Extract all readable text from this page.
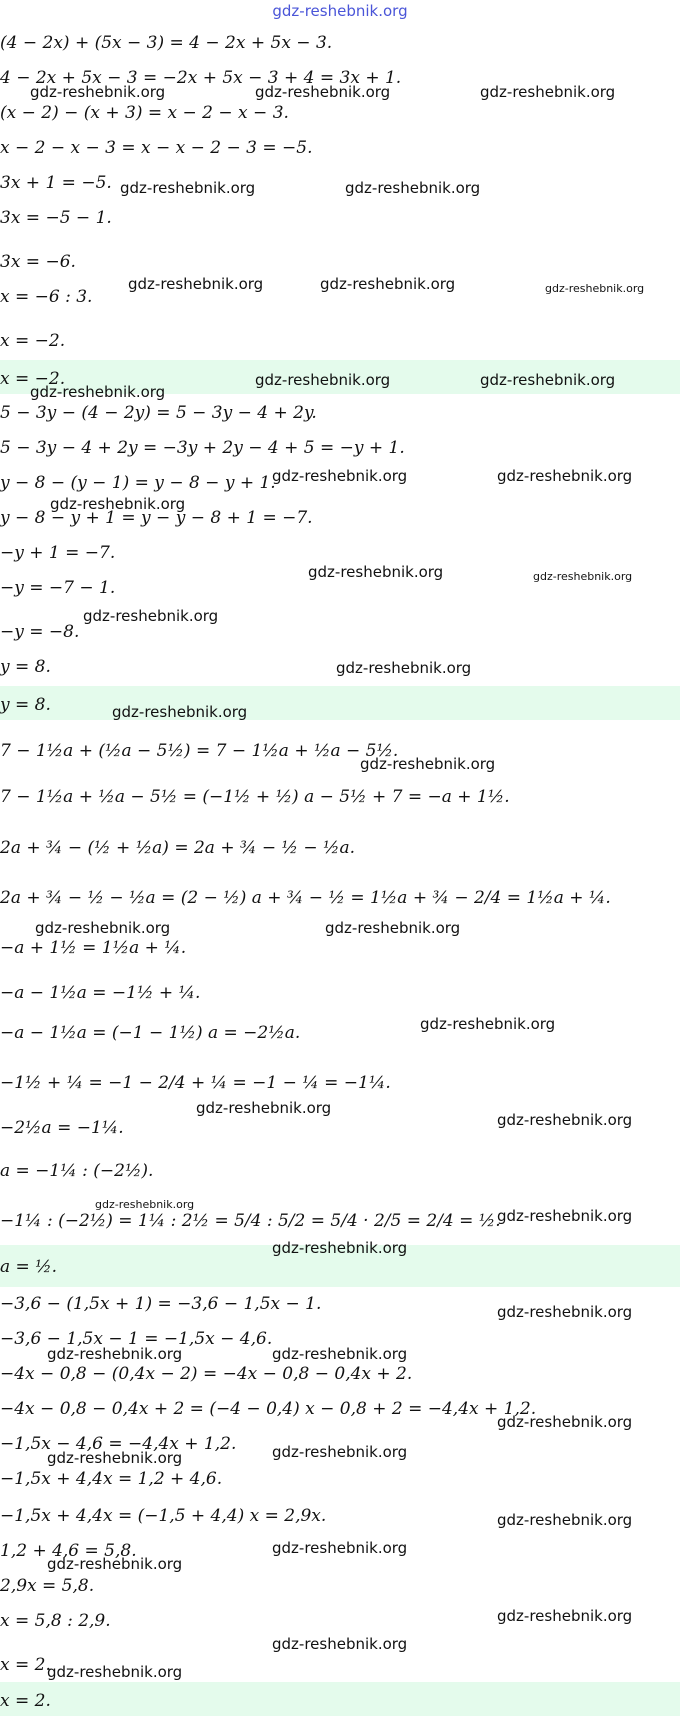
gdz-reshebnik.org
(4 − 2x) + (5x − 3) = 4 − 2x + 5x − 3.
4 − 2x + 5x − 3 = −2x + 5x − 3 + 4 = 3x + 1.
(x − 2) − (x + 3) = x − 2 − x − 3.
x − 2 − x − 3 = x − x − 2 − 3 = −5.
3x + 1 = −5.
3x = −5 − 1.
3x = −6.
x = −6 : 3.
x = −2.
x = −2.
5 − 3y − (4 − 2y) = 5 − 3y − 4 + 2y.
5 − 3y − 4 + 2y = −3y + 2y − 4 + 5 = −y + 1.
y − 8 − (y − 1) = y − 8 − y + 1.
y − 8 − y + 1 = y − y − 8 + 1 = −7.
−y + 1 = −7.
−y = −7 − 1.
−y = −8.
y = 8.
y = 8.
7 − 1½a + (½a − 5½) = 7 − 1½a + ½a − 5½.
7 − 1½a + ½a − 5½ = (−1½ + ½) a − 5½ + 7 = −a + 1½.
2a + ¾ − (½ + ½a) = 2a + ¾ − ½ − ½a.
2a + ¾ − ½ − ½a = (2 − ½) a + ¾ − ½ = 1½a + ¾ − 2/4 = 1½a + ¼.
−a + 1½ = 1½a + ¼.
−a − 1½a = −1½ + ¼.
−a − 1½a = (−1 − 1½) a = −2½a.
−1½ + ¼ = −1 − 2/4 + ¼ = −1 − ¼ = −1¼.
−2½a = −1¼.
a = −1¼ : (−2½).
−1¼ : (−2½) = 1¼ : 2½ = 5/4 : 5/2 = 5/4 · 2/5 = 2/4 = ½.
a = ½.
−3,6 − (1,5x + 1) = −3,6 − 1,5x − 1.
−3,6 − 1,5x − 1 = −1,5x − 4,6.
−4x − 0,8 − (0,4x − 2) = −4x − 0,8 − 0,4x + 2.
−4x − 0,8 − 0,4x + 2 = (−4 − 0,4) x − 0,8 + 2 = −4,4x + 1,2.
−1,5x − 4,6 = −4,4x + 1,2.
−1,5x + 4,4x = 1,2 + 4,6.
−1,5x + 4,4x = (−1,5 + 4,4) x = 2,9x.
1,2 + 4,6 = 5,8.
2,9x = 5,8.
x = 5,8 : 2,9.
x = 2.
x = 2.
gdz-reshebnik.org	gdz-reshebnik.org	gdz-reshebnik.org
gdz-reshebnik.org	gdz-reshebnik.org
gdz-reshebnik.org	gdz-reshebnik.org	gdz-reshebnik.org
gdz-reshebnik.org	gdz-reshebnik.org
gdz-reshebnik.org
gdz-reshebnik.org	gdz-reshebnik.org
gdz-reshebnik.org
gdz-reshebnik.org	gdz-reshebnik.org
gdz-reshebnik.org
gdz-reshebnik.org
gdz-reshebnik.org
gdz-reshebnik.org
gdz-reshebnik.org
gdz-reshebnik.org
gdz-reshebnik.org
gdz-reshebnik.org
gdz-reshebnik.org
gdz-reshebnik.org
gdz-reshebnik.org
gdz-reshebnik.org
gdz-reshebnik.org
gdz-reshebnik.org	gdz-reshebnik.org
gdz-reshebnik.org
gdz-reshebnik.org	gdz-reshebnik.org
gdz-reshebnik.org
gdz-reshebnik.org
gdz-reshebnik.org
gdz-reshebnik.org
gdz-reshebnik.org
gdz-reshebnik.org
